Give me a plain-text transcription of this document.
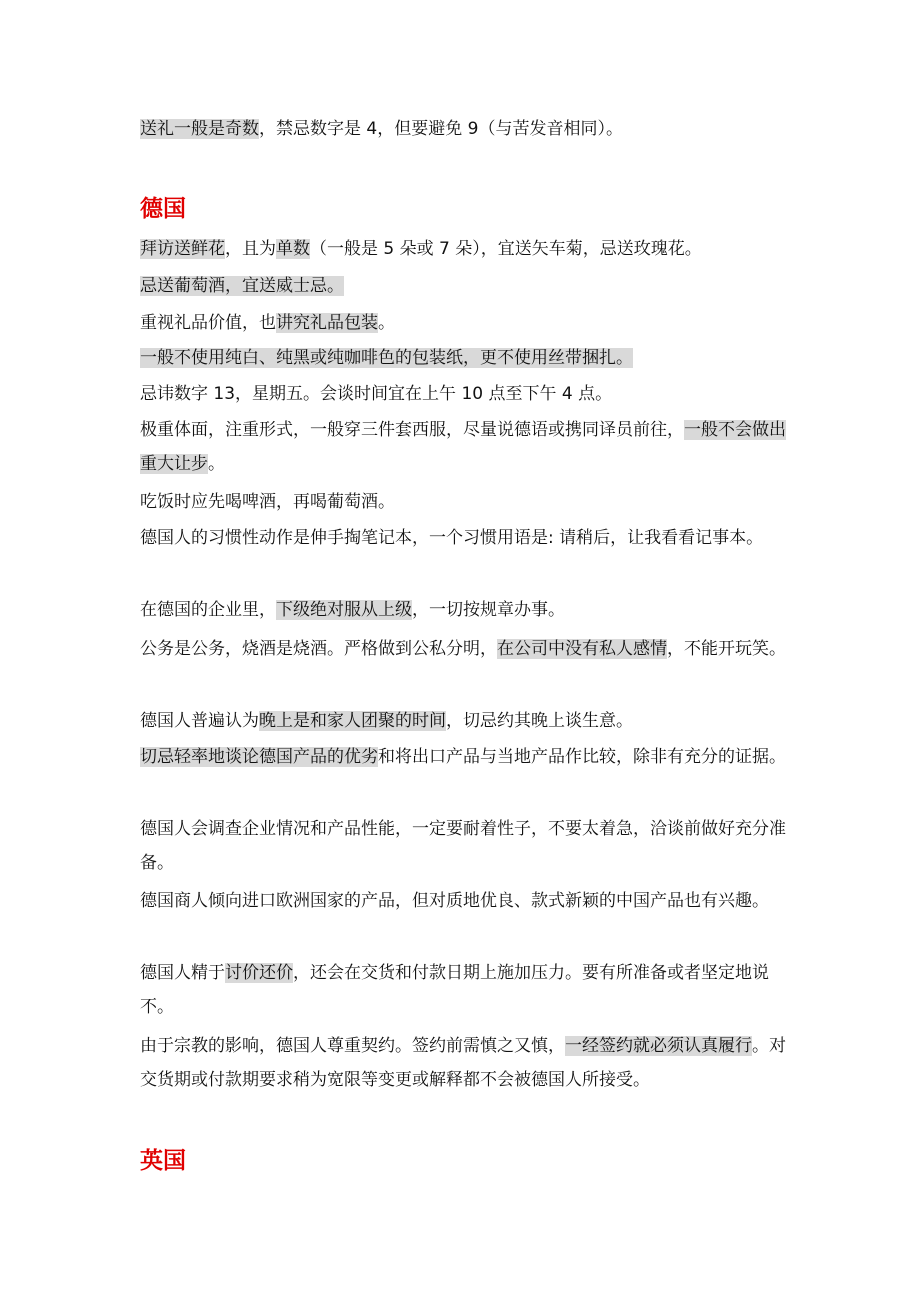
送礼一般是奇数，禁忌数字是 4，但要避免 9（与苦发音相同）。

德国

拜访送鲜花，且为单数（一般是 5 朵或 7 朵），宜送矢车菊，忌送玫瑰花。

忌送葡萄酒，宜送威士忌。

重视礼品价值，也讲究礼品包装。

一般不使用纯白、纯黑或纯咖啡色的包装纸，更不使用丝带捆扎。

忌讳数字 13，星期五。会谈时间宜在上午 10 点至下午 4 点。

极重体面，注重形式，一般穿三件套西服，尽量说德语或携同译员前往，一般不会做出重大让步。

吃饭时应先喝啤酒，再喝葡萄酒。

德国人的习惯性动作是伸手掏笔记本，一个习惯用语是: 请稍后，让我看看记事本。

在德国的企业里，下级绝对服从上级，一切按规章办事。

公务是公务，烧酒是烧酒。严格做到公私分明，在公司中没有私人感情，不能开玩笑。

德国人普遍认为晚上是和家人团聚的时间，切忌约其晚上谈生意。

切忌轻率地谈论德国产品的优劣和将出口产品与当地产品作比较，除非有充分的证据。

德国人会调查企业情况和产品性能，一定要耐着性子，不要太着急，洽谈前做好充分准备。

德国商人倾向进口欧洲国家的产品，但对质地优良、款式新颖的中国产品也有兴趣。

德国人精于讨价还价，还会在交货和付款日期上施加压力。要有所准备或者坚定地说不。

由于宗教的影响，德国人尊重契约。签约前需慎之又慎，一经签约就必须认真履行。对交货期或付款期要求稍为宽限等变更或解释都不会被德国人所接受。

英国
